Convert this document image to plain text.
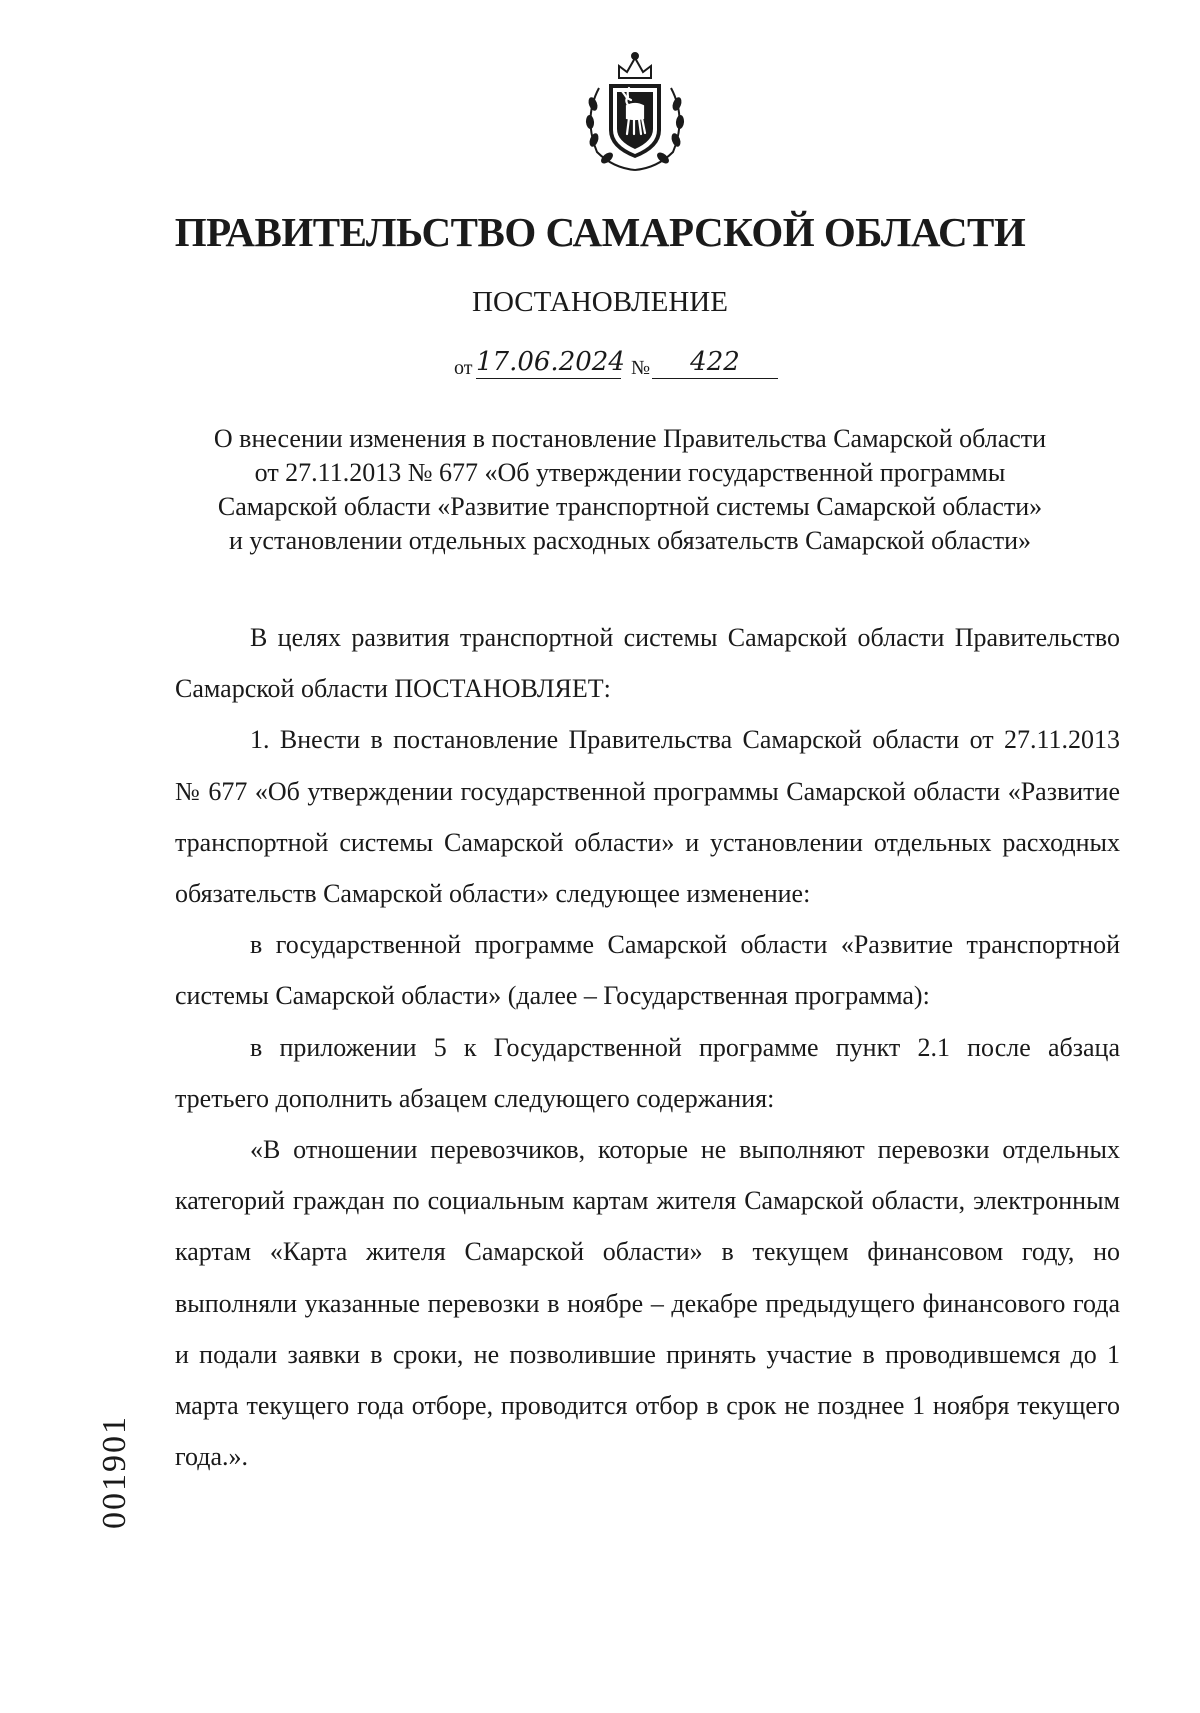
ПРАВИТЕЛЬСТВО САМАРСКОЙ ОБЛАСТИ
ПОСТАНОВЛЕНИЕ
от 17.06.2024 №	422
О внесении изменения в постановление Правительства Самарской области
от 27.11.2013 № 677 «Об утверждении государственной программы
Самарской области «Развитие транспортной системы Самарской области»
и установлении отдельных расходных обязательств Самарской области»

В целях развития транспортной системы Самарской области Правительство Самарской области ПОСТАНОВЛЯЕТ:

1. Внести в постановление Правительства Самарской области от 27.11.2013 № 677 «Об утверждении государственной программы Самарской области «Развитие транспортной системы Самарской области» и установлении отдельных расходных обязательств Самарской области» следующее изменение:

в государственной программе Самарской области «Развитие транспортной системы Самарской области» (далее – Государственная программа):

в приложении 5 к Государственной программе пункт 2.1 после абзаца третьего дополнить абзацем следующего содержания:

«В отношении перевозчиков, которые не выполняют перевозки отдельных категорий граждан по социальным картам жителя Самарской области, электронным картам «Карта жителя Самарской области» в текущем финансовом году, но выполняли указанные перевозки в ноябре – декабре предыдущего финансового года и подали заявки в сроки, не позволившие принять участие в проводившемся до 1 марта текущего года отборе, проводится отбор в срок не позднее 1 ноября текущего года.».

001901
